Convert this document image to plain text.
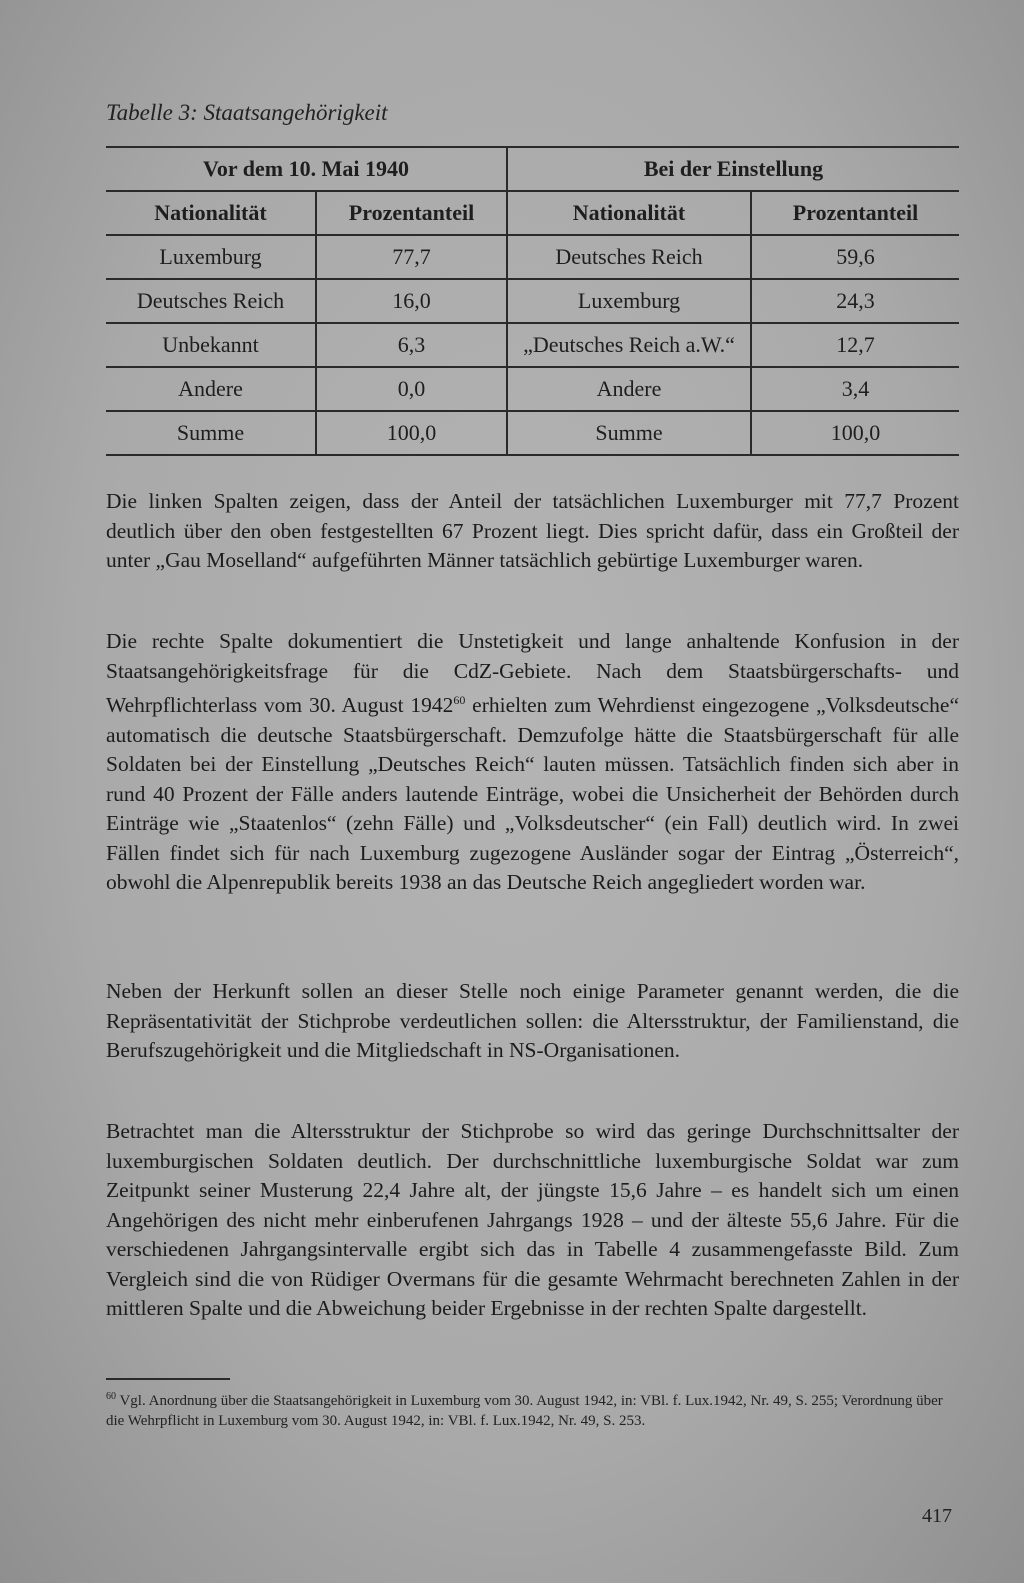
Tabelle 3: Staatsangehörigkeit
Vor dem 10. Mai 1940		Bei der Einstellung	
Nationalität	Prozentanteil	Nationalität	Prozentanteil
Luxemburg	77,7	Deutsches Reich	59,6
Deutsches Reich	16,0	Luxemburg	24,3
Unbekannt	6,3	„Deutsches Reich a.W.“	12,7
Andere	0,0	Andere	3,4
Summe	100,0	Summe	100,0

Die linken Spalten zeigen, dass der Anteil der tatsächlichen Luxemburger mit 77,7 Prozent deutlich über den oben festgestellten 67 Prozent liegt. Dies spricht dafür, dass ein Großteil der unter „Gau Moselland“ aufgeführten Männer tatsächlich gebürtige Luxemburger waren.

Die rechte Spalte dokumentiert die Unstetigkeit und lange anhaltende Konfusion in der Staatsangehörigkeitsfrage für die CdZ-Gebiete. Nach dem Staatsbürgerschafts- und Wehrpflichterlass vom 30. August 1942$^{60}$ erhielten zum Wehrdienst eingezogene „Volksdeutsche“ automatisch die deutsche Staatsbürgerschaft. Demzufolge hätte die Staatsbürgerschaft für alle Soldaten bei der Einstellung „Deutsches Reich“ lauten müssen. Tatsächlich finden sich aber in rund 40 Prozent der Fälle anders lautende Einträge, wobei die Unsicherheit der Behörden durch Einträge wie „Staatenlos“ (zehn Fälle) und „Volksdeutscher“ (ein Fall) deutlich wird. In zwei Fällen findet sich für nach Luxemburg zugezogene Ausländer sogar der Eintrag „Österreich“, obwohl die Alpenrepublik bereits 1938 an das Deutsche Reich angegliedert worden war.

Neben der Herkunft sollen an dieser Stelle noch einige Parameter genannt werden, die die Repräsentativität der Stichprobe verdeutlichen sollen: die Altersstruktur, der Familienstand, die Berufszugehörigkeit und die Mitgliedschaft in NS-Organisationen.

Betrachtet man die Altersstruktur der Stichprobe so wird das geringe Durchschnittsalter der luxemburgischen Soldaten deutlich. Der durchschnittliche luxemburgische Soldat war zum Zeitpunkt seiner Musterung 22,4 Jahre alt, der jüngste 15,6 Jahre – es handelt sich um einen Angehörigen des nicht mehr einberufenen Jahrgangs 1928 – und der älteste 55,6 Jahre. Für die verschiedenen Jahrgangsintervalle ergibt sich das in Tabelle 4 zusammengefasste Bild. Zum Vergleich sind die von Rüdiger Overmans für die gesamte Wehrmacht berechneten Zahlen in der mittleren Spalte und die Abweichung beider Ergebnisse in der rechten Spalte dargestellt.

$^{60}$ Vgl. Anordnung über die Staatsangehörigkeit in Luxemburg vom 30. August 1942, in: VBl. f. Lux.1942, Nr. 49, S. 255; Verordnung über die Wehrpflicht in Luxemburg vom 30. August 1942, in: VBl. f. Lux.1942, Nr. 49, S. 253.
417
